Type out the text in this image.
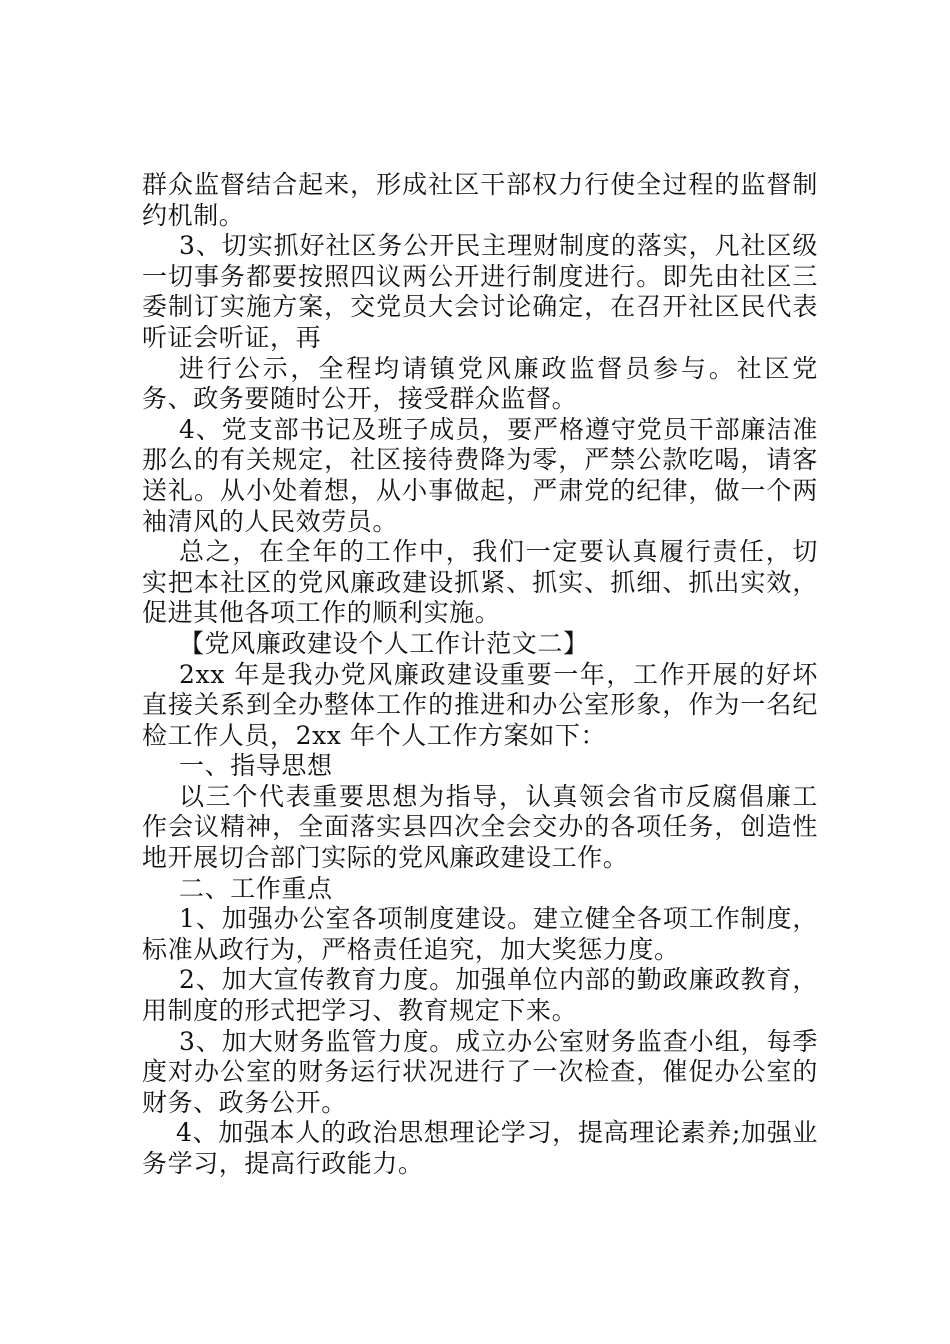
群众监督结合起来，形成社区干部权力行使全过程的监督制约机制。

3、切实抓好社区务公开民主理财制度的落实，凡社区级一切事务都要按照四议两公开进行制度进行。即先由社区三委制订实施方案，交党员大会讨论确定，在召开社区民代表听证会听证，再

进行公示，全程均请镇党风廉政监督员参与。社区党务、政务要随时公开，接受群众监督。

4、党支部书记及班子成员，要严格遵守党员干部廉洁准那么的有关规定，社区接待费降为零，严禁公款吃喝，请客送礼。从小处着想，从小事做起，严肃党的纪律，做一个两袖清风的人民效劳员。

总之，在全年的工作中，我们一定要认真履行责任，切实把本社区的党风廉政建设抓紧、抓实、抓细、抓出实效，促进其他各项工作的顺利实施。

【党风廉政建设个人工作计范文二】

2xx 年是我办党风廉政建设重要一年，工作开展的好坏直接关系到全办整体工作的推进和办公室形象，作为一名纪检工作人员，2xx 年个人工作方案如下：

一、指导思想

以三个代表重要思想为指导，认真领会省市反腐倡廉工作会议精神，全面落实县四次全会交办的各项任务，创造性地开展切合部门实际的党风廉政建设工作。

二、工作重点

1、加强办公室各项制度建设。建立健全各项工作制度，标准从政行为，严格责任追究，加大奖惩力度。

2、加大宣传教育力度。加强单位内部的勤政廉政教育，用制度的形式把学习、教育规定下来。

3、加大财务监管力度。成立办公室财务监查小组，每季度对办公室的财务运行状况进行了一次检查，催促办公室的财务、政务公开。

4、加强本人的政治思想理论学习，提高理论素养;加强业务学习，提高行政能力。
